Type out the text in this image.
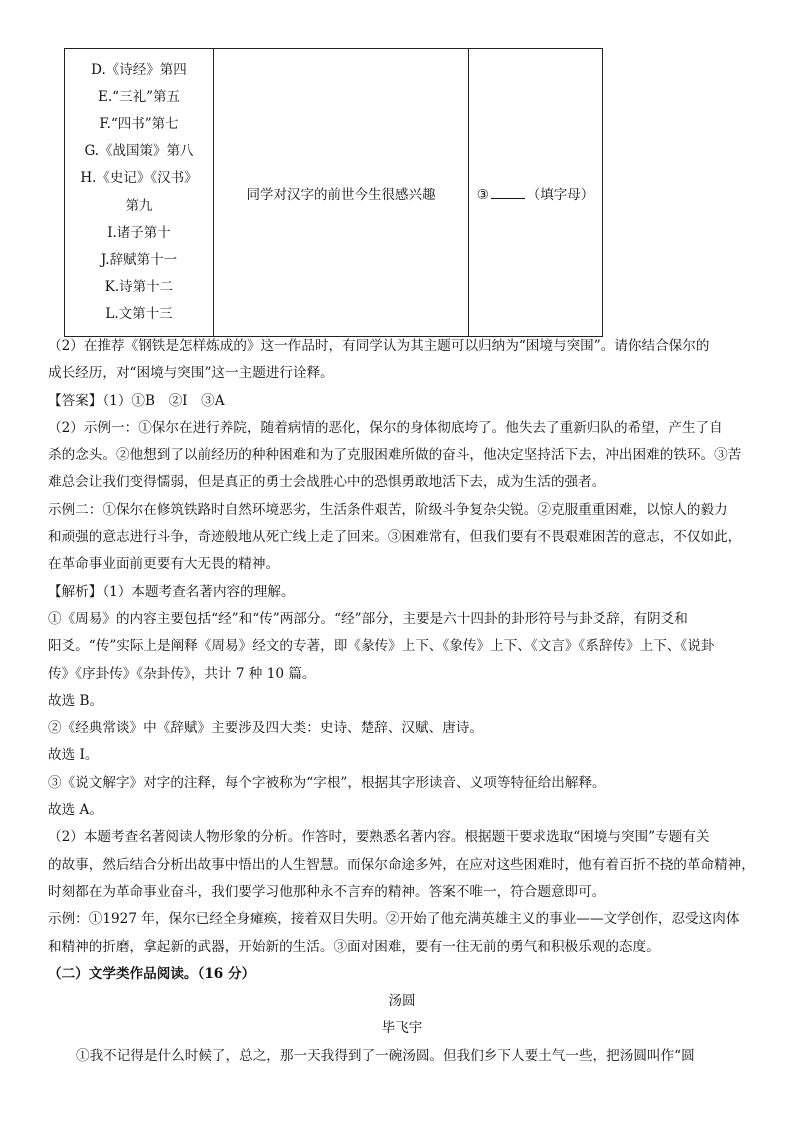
D.《诗经》第四
E.“三礼”第五
F.“四书”第七
G.《战国策》第八
H.《史记》《汉书》
第九
I.诸子第十
J.辞赋第十一
K.诗第十二
L.文第十三
	同学对汉字的前世今生很感兴趣	③	（填字母）
（2）在推荐《钢铁是怎样炼成的》这一作品时，有同学认为其主题可以归纳为“困境与突围”。请你结合保尔的
成长经历，对“困境与突围”这一主题进行诠释。
【答案】（1）①B　②I　③A
（2）示例一：①保尔在进行养院，随着病情的恶化，保尔的身体彻底垮了。他失去了重新归队的希望，产生了自
杀的念头。②他想到了以前经历的种种困难和为了克服困难所做的奋斗，他决定坚持活下去，冲出困难的铁环。③苦
难总会让我们变得懦弱，但是真正的勇士会战胜心中的恐惧勇敢地活下去，成为生活的强者。
示例二：①保尔在修筑铁路时自然环境恶劣，生活条件艰苦，阶级斗争复杂尖锐。②克服重重困难，以惊人的毅力
和顽强的意志进行斗争，奇迹般地从死亡线上走了回来。③困难常有，但我们要有不畏艰难困苦的意志，不仅如此，
在革命事业面前更要有大无畏的精神。
【解析】（1）本题考查名著内容的理解。
①《周易》的内容主要包括“经”和“传”两部分。“经”部分，主要是六十四卦的卦形符号与卦爻辞，有阴爻和
阳爻。“传”实际上是阐释《周易》经文的专著，即《彖传》上下、《象传》上下、《文言》《系辞传》上下、《说卦
传》《序卦传》《杂卦传》，共计 7 种 10 篇。
故选 B。
②《经典常谈》中《辞赋》主要涉及四大类：史诗、楚辞、汉赋、唐诗。
故选 I。
③《说文解字》对字的注释，每个字被称为“字根”，根据其字形读音、义项等特征给出解释。
故选 A。
（2）本题考查名著阅读人物形象的分析。作答时，要熟悉名著内容。根据题干要求选取“困境与突围”专题有关
的故事，然后结合分析出故事中悟出的人生智慧。而保尔命途多舛，在应对这些困难时，他有着百折不挠的革命精神，
时刻都在为革命事业奋斗，我们要学习他那种永不言弃的精神。答案不唯一，符合题意即可。
示例：①1927 年，保尔已经全身瘫痪，接着双目失明。②开始了他充满英雄主义的事业——文学创作，忍受这肉体
和精神的折磨，拿起新的武器，开始新的生活。③面对困难，要有一往无前的勇气和积极乐观的态度。
（二）文学类作品阅读。（16 分）
汤圆
毕飞宇
①我不记得是什么时候了，总之，那一天我得到了一碗汤圆。但我们乡下人要土气一些，把汤圆叫作“圆
